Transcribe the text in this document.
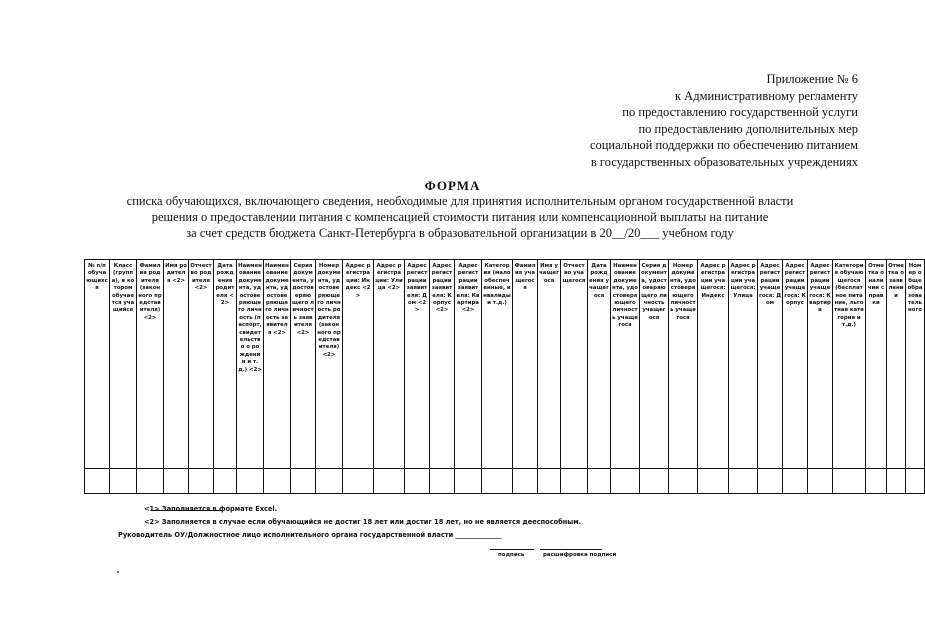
Приложение № 6
к Административному регламенту
по предоставлению государственной услуги
по предоставлению дополнительных мер
социальной поддержки по обеспечению питанием
в государственных образовательных учреждениях
ФОРМА
списка обучающихся, включающего сведения, необходимые для принятия исполнительным органом государственной власти
решения о предоставлении питания с компенсацией стоимости питания или компенсационной выплаты на питание
за счет средств бюджета Санкт-Петербурга в образовательной организации в 20__/20___ учебном году
№ п/п обучающихся	Класс (группа), в котором обучается учащийся	Фамилия родителя (законного представителя) <2>	Имя родителя <2>	Отчество родителя <2>	Дата рождения родителя <2>	Наименование документа, удостоверяющего личность (паспорт, свидетельство о рождении и т.д.) <2>	Наименование документа, удостоверяющего личность заявителя <2>	Серия документа, удостоверяющего личность заявителя <2>	Номер документа, удостоверяющего личность родителя (законного представителя) <2>	Адрес регистрации: Индекс <2>	Адрес регистрации: Улица <2>	Адрес регистрации заявителя: Дом <2>	Адрес регистрации заявителя: Корпус <2>	Адрес регистрации заявителя: Квартира <2>	Категория (малообеспеченные, инвалиды и т.д.)	Фамилия учащегося	Имя учащегося	Отчество учащегося	Дата рождения учащегося	Наименование документа, удостоверяющего личность учащегося	Серия документа, удостоверяющего личность учащегося	Номер документа, удостоверяющего личность учащегося	Адрес регистрации учащегося: Индекс	Адрес регистрации учащегося: Улица	Адрес регистрации учащегося: Дом	Адрес регистрации учащегося: Корпус	Адрес регистрации учащегося: Квартира	Категория обучающегося (бесплатное питание, льготная категория и т.д.)	Отметка о наличии справки	Отметка о заявлении	Номер общеобразовательного

<1> Заполняется в формате Excel.
<2> Заполняется в случае если обучающийся не достиг 18 лет или достиг 18 лет, но не является дееспособным.
Руководитель ОУ/Должностное лицо исполнительного органа государственной власти ______________
подпись	расшифровка подписи
